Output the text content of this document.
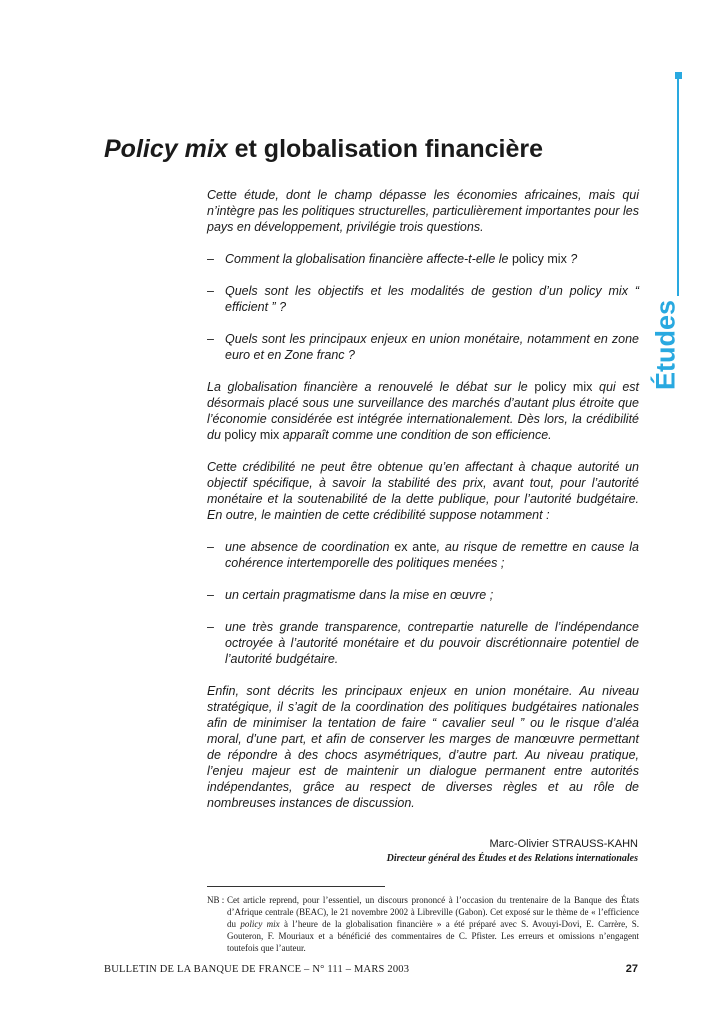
Études
Policy mix et globalisation financière

Cette étude, dont le champ dépasse les économies africaines, mais qui n’intègre pas les politiques structurelles, particulièrement importantes pour les pays en développement, privilégie trois questions.

– Comment la globalisation financière affecte-t-elle le policy mix ?
– Quels sont les objectifs et les modalités de gestion d’un policy mix “ efficient ” ?
– Quels sont les principaux enjeux en union monétaire, notamment en zone euro et en Zone franc ?

La globalisation financière a renouvelé le débat sur le policy mix qui est désormais placé sous une surveillance des marchés d’autant plus étroite que l’économie considérée est intégrée internationalement. Dès lors, la crédibilité du policy mix apparaît comme une condition de son efficience.

Cette crédibilité ne peut être obtenue qu’en affectant à chaque autorité un objectif spécifique, à savoir la stabilité des prix, avant tout, pour l’autorité monétaire et la soutenabilité de la dette publique, pour l’autorité budgétaire. En outre, le maintien de cette crédibilité suppose notamment :

– une absence de coordination ex ante, au risque de remettre en cause la cohérence intertemporelle des politiques menées ;
– un certain pragmatisme dans la mise en œuvre ;
– une très grande transparence, contrepartie naturelle de l’indépendance octroyée à l’autorité monétaire et du pouvoir discrétionnaire potentiel de l’autorité budgétaire.

Enfin, sont décrits les principaux enjeux en union monétaire. Au niveau stratégique, il s’agit de la coordination des politiques budgétaires nationales afin de minimiser la tentation de faire “ cavalier seul ” ou le risque d’aléa moral, d’une part, et afin de conserver les marges de manœuvre permettant de répondre à des chocs asymétriques, d’autre part. Au niveau pratique, l’enjeu majeur est de maintenir un dialogue permanent entre autorités indépendantes, grâce au respect de diverses règles et au rôle de nombreuses instances de discussion.

Marc-Olivier STRAUSS-KAHN
Directeur général des Études et des Relations internationales
NB : Cet article reprend, pour l’essentiel, un discours prononcé à l’occasion du trentenaire de la Banque des États d’Afrique centrale (BEAC), le 21 novembre 2002 à Libreville (Gabon). Cet exposé sur le thème de « l’efficience du policy mix à l’heure de la globalisation financière » a été préparé avec S. Avouyi-Dovi, E. Carrère, S. Gouteron, F. Mouriaux et a bénéficié des commentaires de C. Pfister. Les erreurs et omissions n’engagent toutefois que l’auteur.
BULLETIN DE LA BANQUE DE FRANCE – N° 111 – MARS 2003	27
